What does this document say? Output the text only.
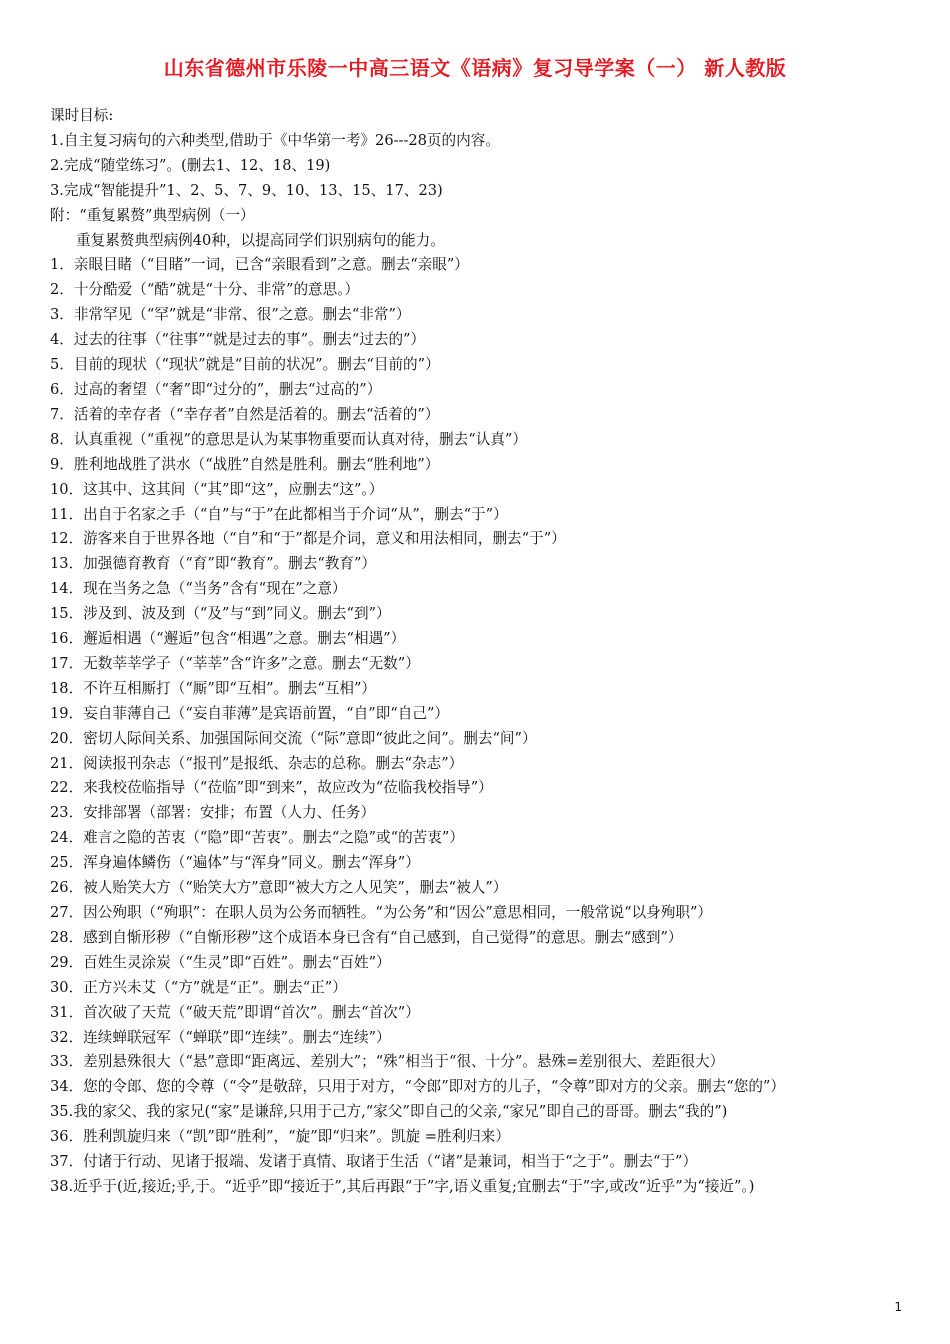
山东省德州市乐陵一中高三语文《语病》复习导学案（一） 新人教版
课时目标:
1.自主复习病句的六种类型,借助于《中华第一考》26---28页的内容。
2.完成“随堂练习”。(删去1、12、18、19)
3.完成“智能提升”1、2、5、7、9、10、13、15、17、23)
附：“重复累赘”典型病例（一）
重复累赘典型病例40种，以提高同学们识别病句的能力。
1．亲眼目睹（“目睹”一词，已含“亲眼看到”之意。删去“亲眼”）
2．十分酷爱（“酷”就是“十分、非常”的意思。）
3．非常罕见（“罕”就是“非常、很”之意。删去“非常”）
4．过去的往事（“往事”“就是过去的事”。删去“过去的”）
5．目前的现状（“现状”就是“目前的状况”。删去“目前的”）
6．过高的奢望（“奢”即“过分的”，删去“过高的”）
7．活着的幸存者（“幸存者”自然是活着的。删去“活着的”）
8．认真重视（“重视”的意思是认为某事物重要而认真对待，删去“认真”）
9．胜利地战胜了洪水（“战胜”自然是胜利。删去“胜利地”）
10．这其中、这其间（“其”即“这”，应删去“这”。）
11．出自于名家之手（“自”与“于”在此都相当于介词“从”，删去“于”）
12．游客来自于世界各地（“自”和“于”都是介词，意义和用法相同，删去“于”）
13．加强德育教育（“育”即“教育”。删去“教育”）
14．现在当务之急（“当务”含有“现在”之意）
15．涉及到、波及到（“及”与“到”同义。删去“到”）
16．邂逅相遇（“邂逅”包含“相遇”之意。删去“相遇”）
17．无数莘莘学子（“莘莘”含“许多”之意。删去“无数”）
18．不许互相厮打（“厮”即“互相”。删去“互相”）
19．妄自菲薄自己（“妄自菲薄”是宾语前置，“自”即“自己”）
20．密切人际间关系、加强国际间交流（“际”意即“彼此之间”。删去“间”）
21．阅读报刊杂志（“报刊”是报纸、杂志的总称。删去“杂志”）
22．来我校莅临指导（“莅临”即“到来”，故应改为“莅临我校指导”）
23．安排部署（部署：安排；布置（人力、任务）
24．难言之隐的苦衷（“隐”即“苦衷”。删去“之隐”或“的苦衷”）
25．浑身遍体鳞伤（“遍体”与“浑身”同义。删去“浑身”）
26．被人贻笑大方（“贻笑大方”意即“被大方之人见笑”，删去“被人”）
27．因公殉职（“殉职”：在职人员为公务而牺牲。“为公务”和“因公”意思相同，一般常说“以身殉职”）
28．感到自惭形秽（“自惭形秽”这个成语本身已含有“自己感到，自己觉得”的意思。删去“感到”）
29．百姓生灵涂炭（“生灵”即“百姓”。删去“百姓”）
30．正方兴未艾（“方”就是“正”。删去“正”）
31．首次破了天荒（“破天荒”即谓“首次”。删去“首次”）
32．连续蝉联冠军（“蝉联”即“连续”。删去“连续”）
33．差别悬殊很大（“悬”意即“距离远、差别大”；“殊”相当于“很、十分”。悬殊=差别很大、差距很大）
34．您的令郎、您的令尊（“令”是敬辞，只用于对方，“令郎”即对方的儿子，“令尊”即对方的父亲。删去“您的”）
35.我的家父、我的家兄(“家”是谦辞,只用于己方,“家父”即自己的父亲,“家兄”即自己的哥哥。删去“我的”)
36．胜利凯旋归来（“凯”即“胜利”，“旋”即“归来”。凯旋 =胜利归来）
37．付诸于行动、见诸于报端、发诸于真情、取诸于生活（“诸”是兼词，相当于“之于”。删去“于”）
38.近乎于(近,接近;乎,于。“近乎”即“接近于”,其后再跟“于”字,语义重复;宜删去“于”字,或改“近乎”为“接近”。)
1
